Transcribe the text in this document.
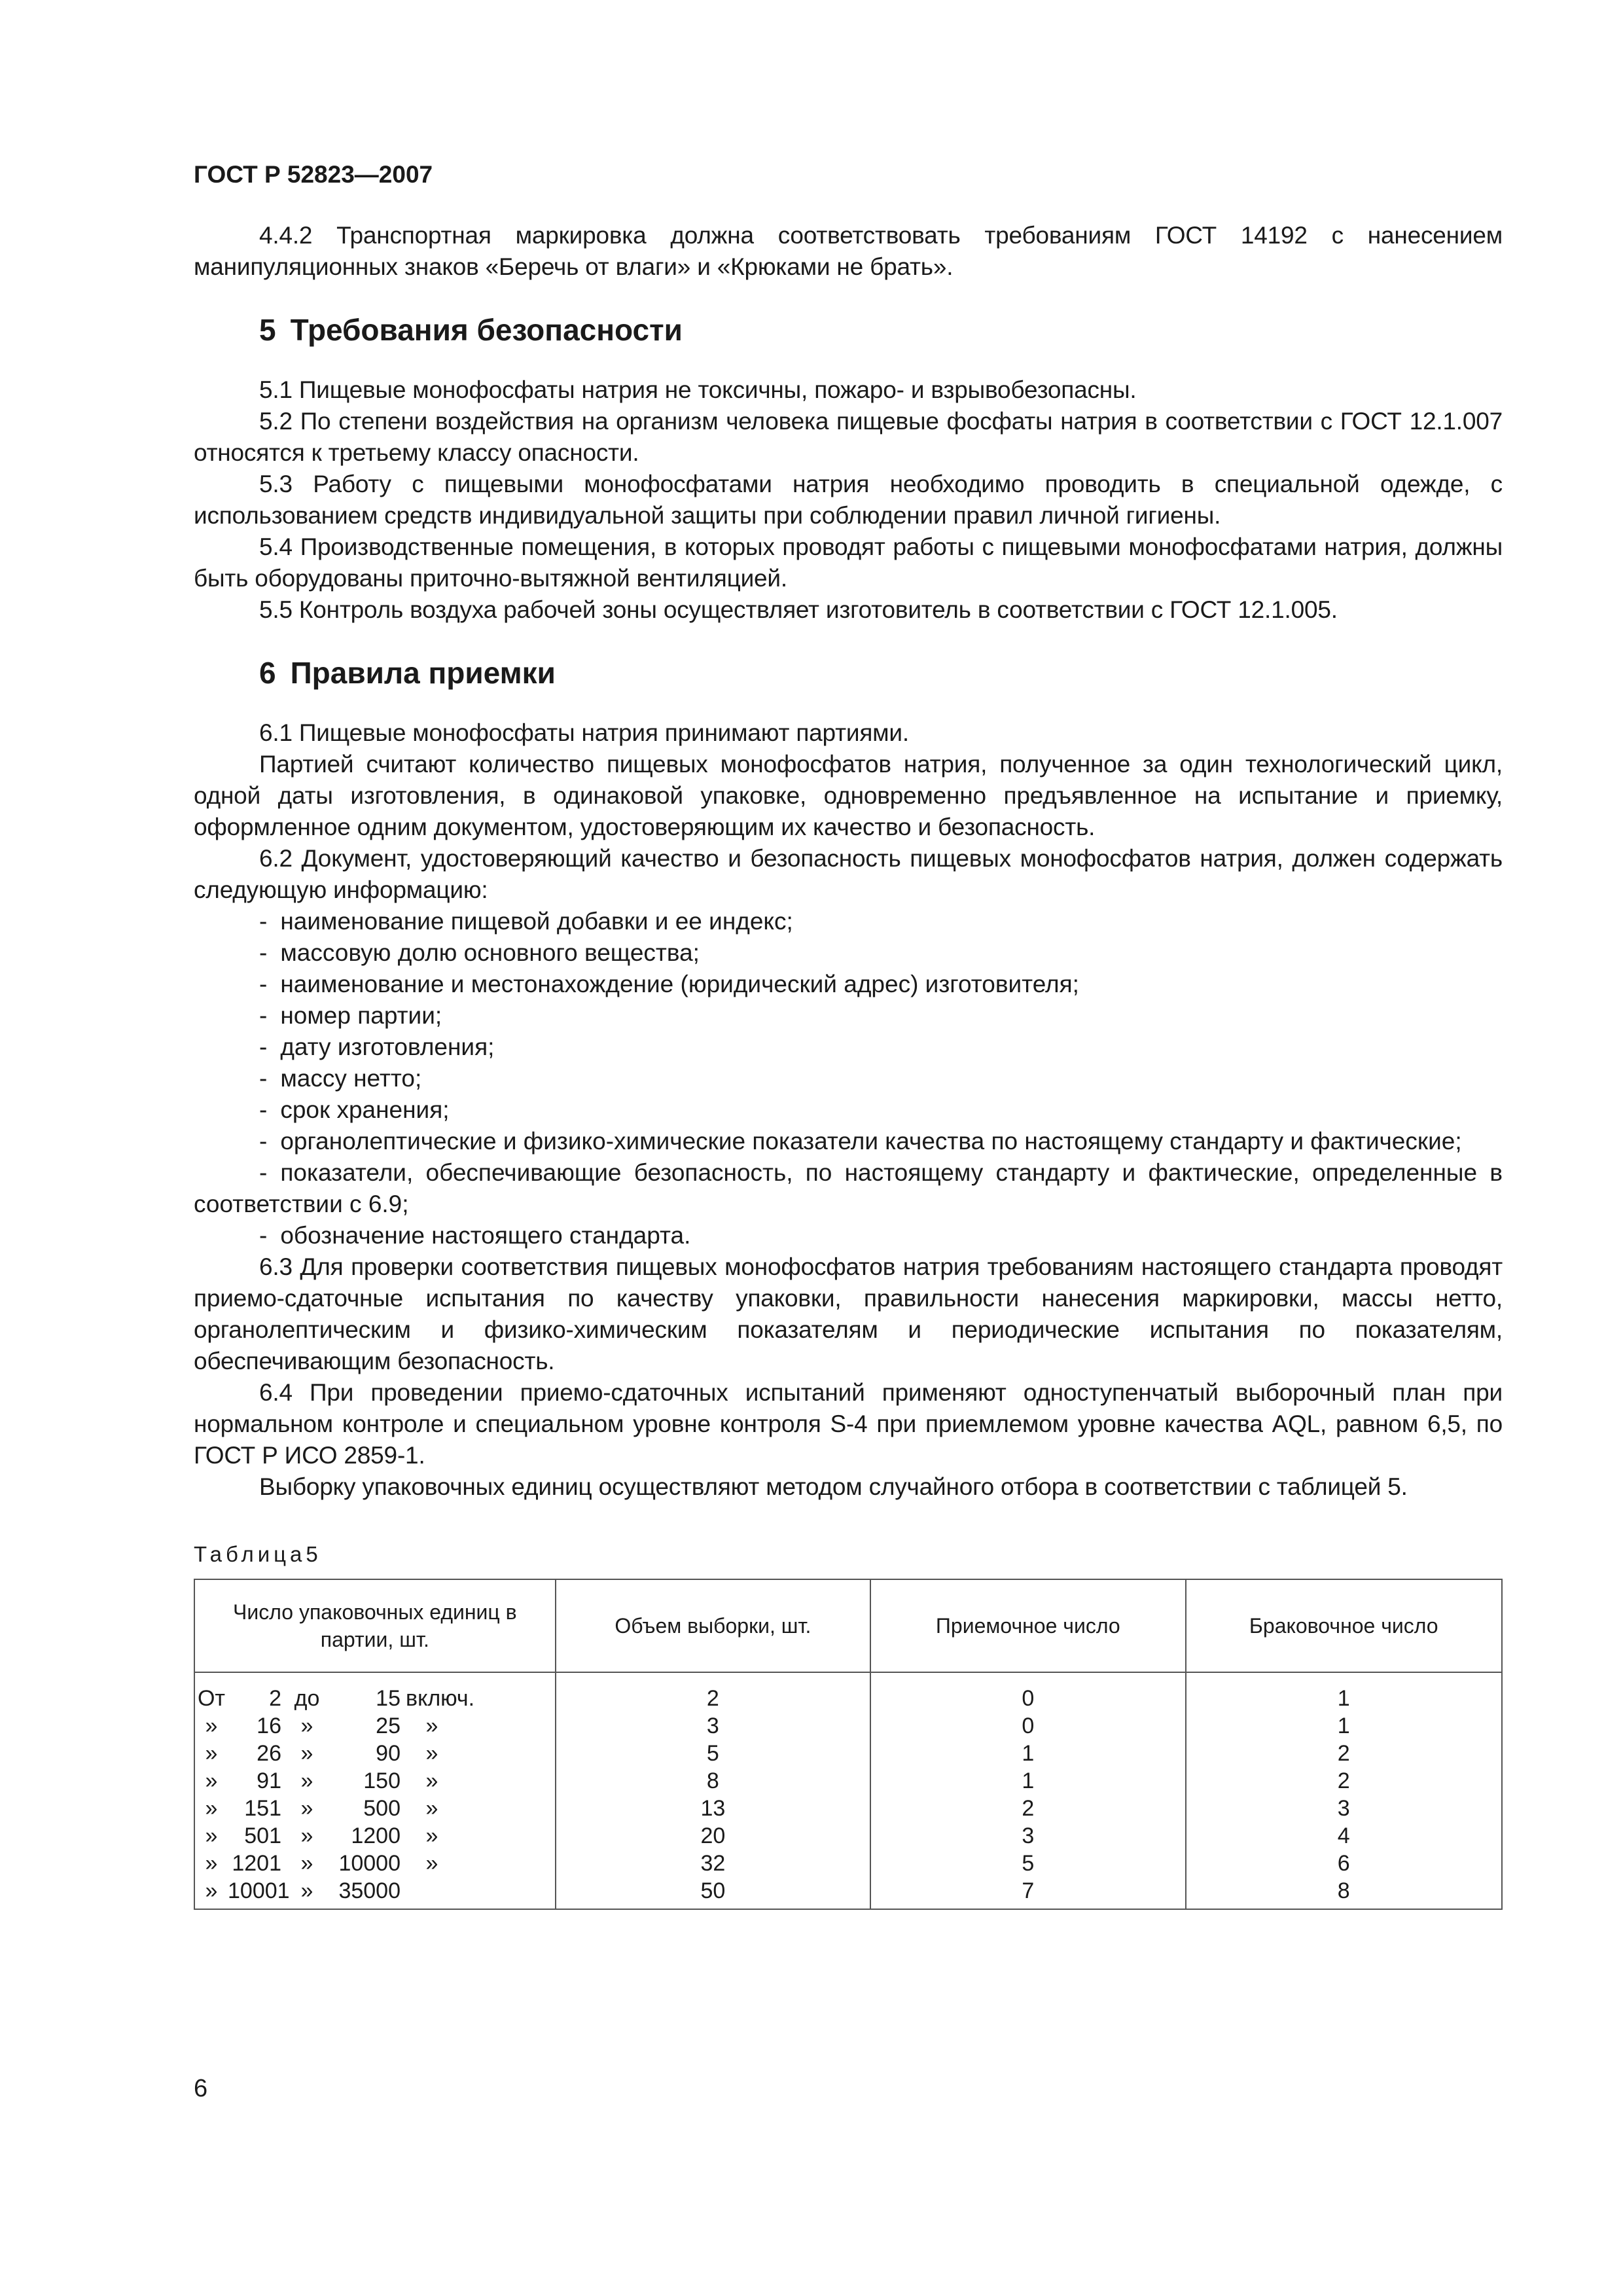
ГОСТ Р 52823—2007

4.4.2 Транспортная маркировка должна соответствовать требованиям ГОСТ 14192 с нанесением манипуляционных знаков «Беречь от влаги» и «Крюками не брать».

5 Требования безопасности

5.1 Пищевые монофосфаты натрия не токсичны, пожаро- и взрывобезопасны.

5.2 По степени воздействия на организм человека пищевые фосфаты натрия в соответствии с ГОСТ 12.1.007 относятся к третьему классу опасности.

5.3 Работу с пищевыми монофосфатами натрия необходимо проводить в специальной одежде, с использованием средств индивидуальной защиты при соблюдении правил личной гигиены.

5.4 Производственные помещения, в которых проводят работы с пищевыми монофосфатами натрия, должны быть оборудованы приточно-вытяжной вентиляцией.

5.5 Контроль воздуха рабочей зоны осуществляет изготовитель в соответствии с ГОСТ 12.1.005.

6 Правила приемки

6.1 Пищевые монофосфаты натрия принимают партиями.

Партией считают количество пищевых монофосфатов натрия, полученное за один технологический цикл, одной даты изготовления, в одинаковой упаковке, одновременно предъявленное на испытание и приемку, оформленное одним документом, удостоверяющим их качество и безопасность.

6.2 Документ, удостоверяющий качество и безопасность пищевых монофосфатов натрия, должен содержать следующую информацию:

- наименование пищевой добавки и ее индекс;
- массовую долю основного вещества;
- наименование и местонахождение (юридический адрес) изготовителя;
- номер партии;
- дату изготовления;
- массу нетто;
- срок хранения;
- органолептические и физико-химические показатели качества по настоящему стандарту и фактические;
- показатели, обеспечивающие безопасность, по настоящему стандарту и фактические, определенные в соответствии с 6.9;
- обозначение настоящего стандарта.

6.3 Для проверки соответствия пищевых монофосфатов натрия требованиям настоящего стандарта проводят приемо-сдаточные испытания по качеству упаковки, правильности нанесения маркировки, массы нетто, органолептическим и физико-химическим показателям и периодические испытания по показателям, обеспечивающим безопасность.

6.4 При проведении приемо-сдаточных испытаний применяют одноступенчатый выборочный план при нормальном контроле и специальном уровне контроля S-4 при приемлемом уровне качества AQL, равном 6,5, по ГОСТ Р ИСО 2859-1.

Выборку упаковочных единиц осуществляют методом случайного отбора в соответствии с таблицей 5.

Таблица5
Число упаковочных единиц в партии, шт.	Объем выборки, шт.	Приемочное число	Браковочное число

От 2 до 15 включ.	2	0	1

» 16 » 25 »	3	0	1

» 26 » 90 »	5	1	2

» 91 » 150 »	8	1	2

» 151 » 500 »	13	2	3

» 501 » 1200 »	20	3	4

» 1201 » 10000 »	32	5	6

» 10001 » 35000	50	7	8
6
